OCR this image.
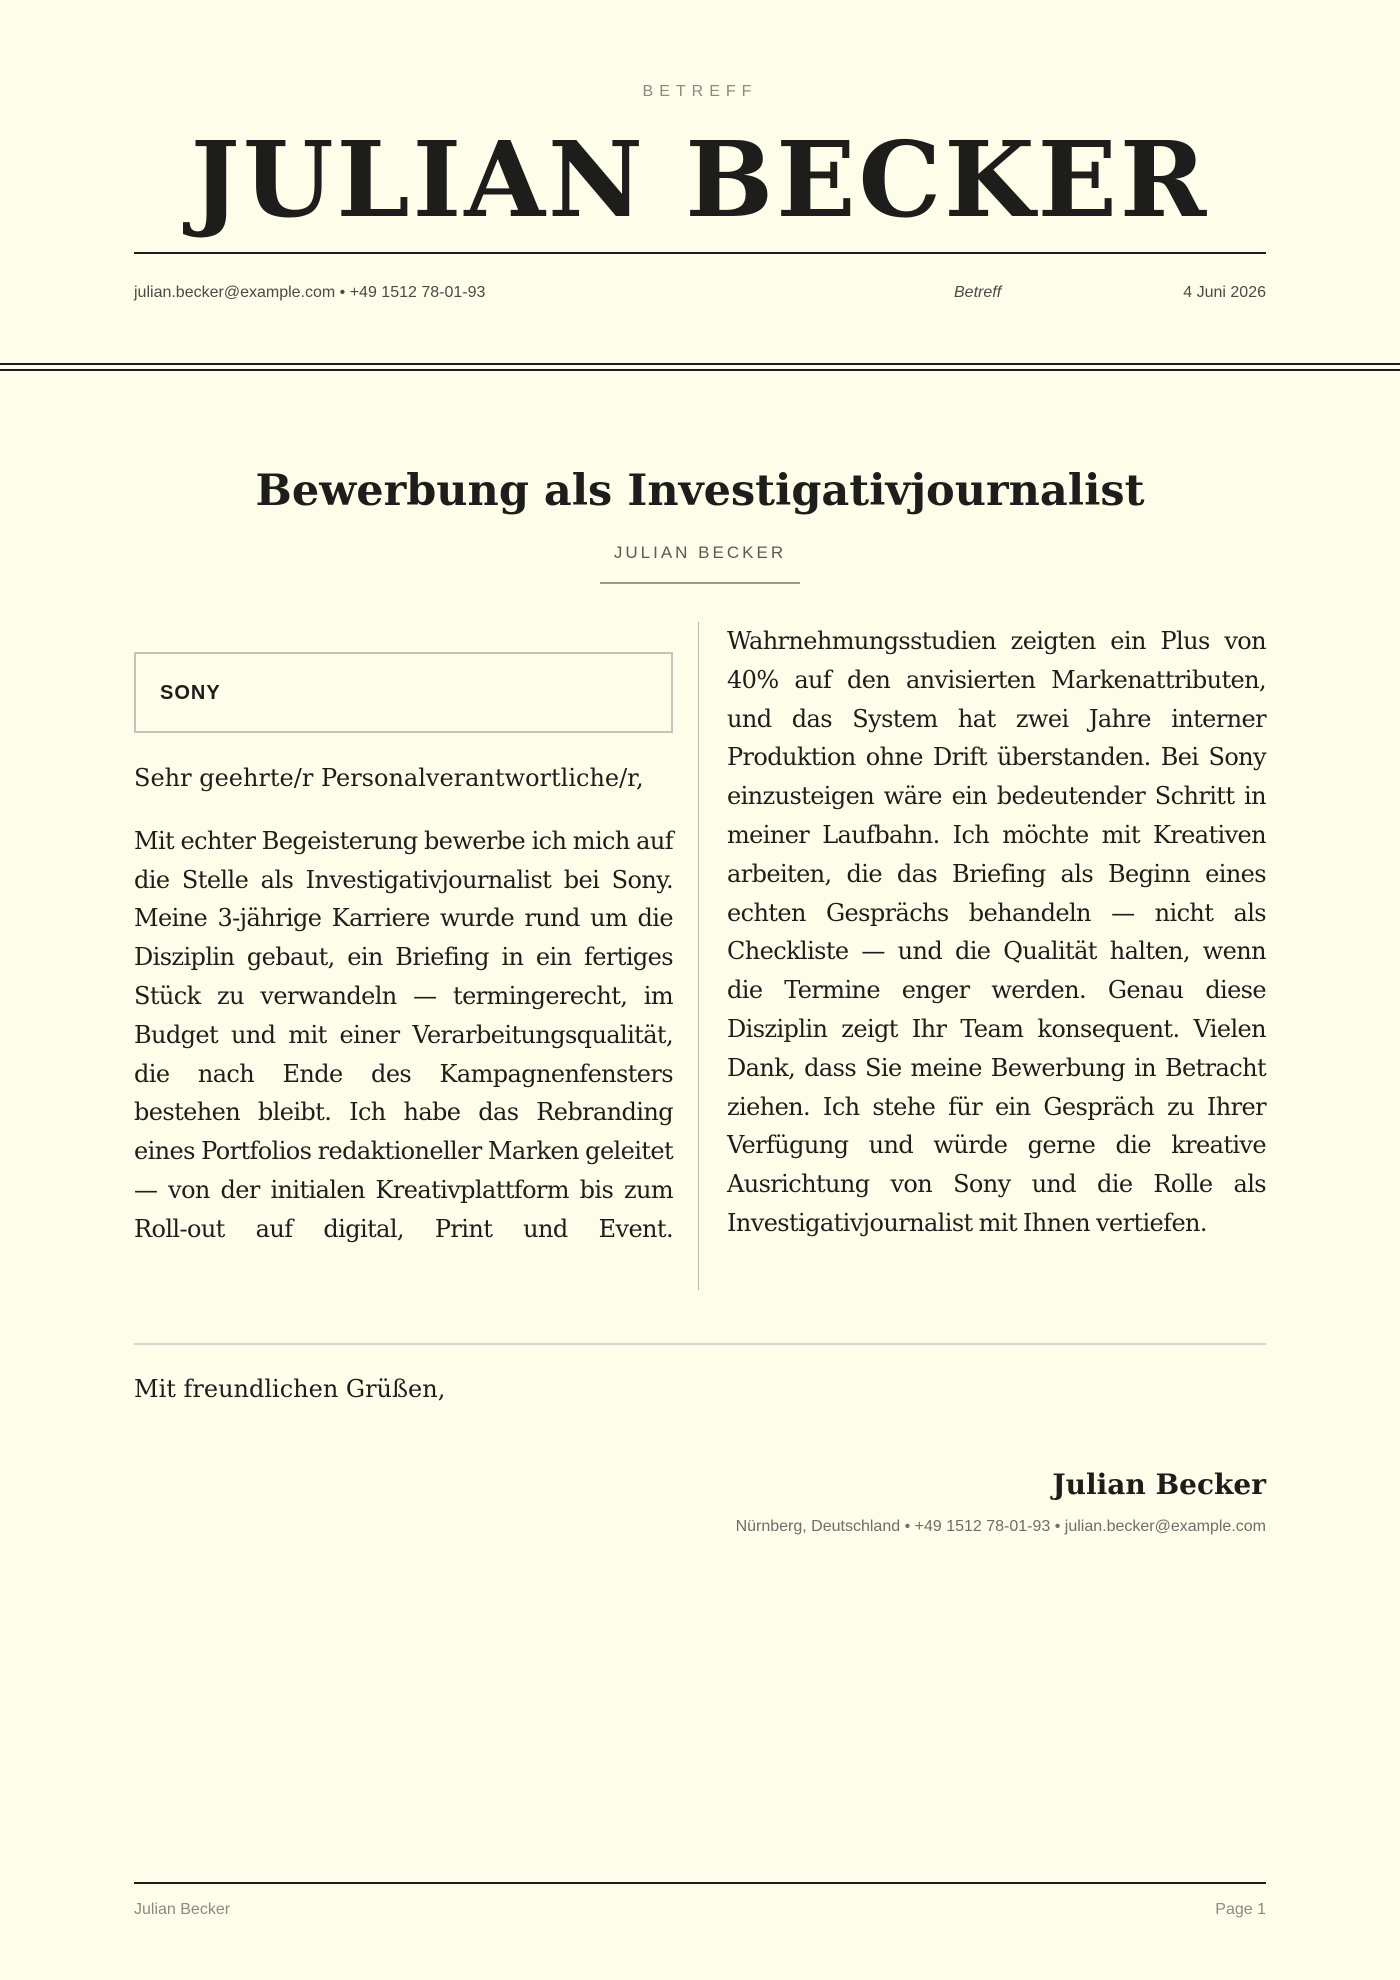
BETREFF
JULIAN BECKER
julian.becker@example.com • +49 1512 78-01-93	Betreff	4 Juni 2026
Bewerbung als Investigativjournalist
JULIAN BECKER
SONY
Sehr geehrte/r Personalverantwortliche/r,
Mit echter Begeisterung bewerbe ich mich auf die Stelle als Investigativjournalist bei Sony. Meine 3-jährige Karriere wurde rund um die Disziplin gebaut, ein Briefing in ein fertiges Stück zu verwandeln — termingerecht, im Budget und mit einer Verarbeitungsqualität, die nach Ende des Kampagnenfensters bestehen bleibt. Ich habe das Rebranding eines Portfolios redaktioneller Marken geleitet — von der initialen Kreativplattform bis zum Roll-out auf digital, Print und Event.
Wahrnehmungsstudien zeigten ein Plus von 40% auf den anvisierten Markenattributen, und das System hat zwei Jahre interner Produktion ohne Drift überstanden. Bei Sony einzusteigen wäre ein bedeutender Schritt in meiner Laufbahn. Ich möchte mit Kreativen arbeiten, die das Briefing als Beginn eines echten Gesprächs behandeln — nicht als Checkliste — und die Qualität halten, wenn die Termine enger werden. Genau diese Disziplin zeigt Ihr Team konsequent. Vielen Dank, dass Sie meine Bewerbung in Betracht ziehen. Ich stehe für ein Gespräch zu Ihrer Verfügung und würde gerne die kreative Ausrichtung von Sony und die Rolle als Investigativjournalist mit Ihnen vertiefen.
Mit freundlichen Grüßen,
Julian Becker
Nürnberg, Deutschland • +49 1512 78-01-93 • julian.becker@example.com
Julian Becker	Page 1
